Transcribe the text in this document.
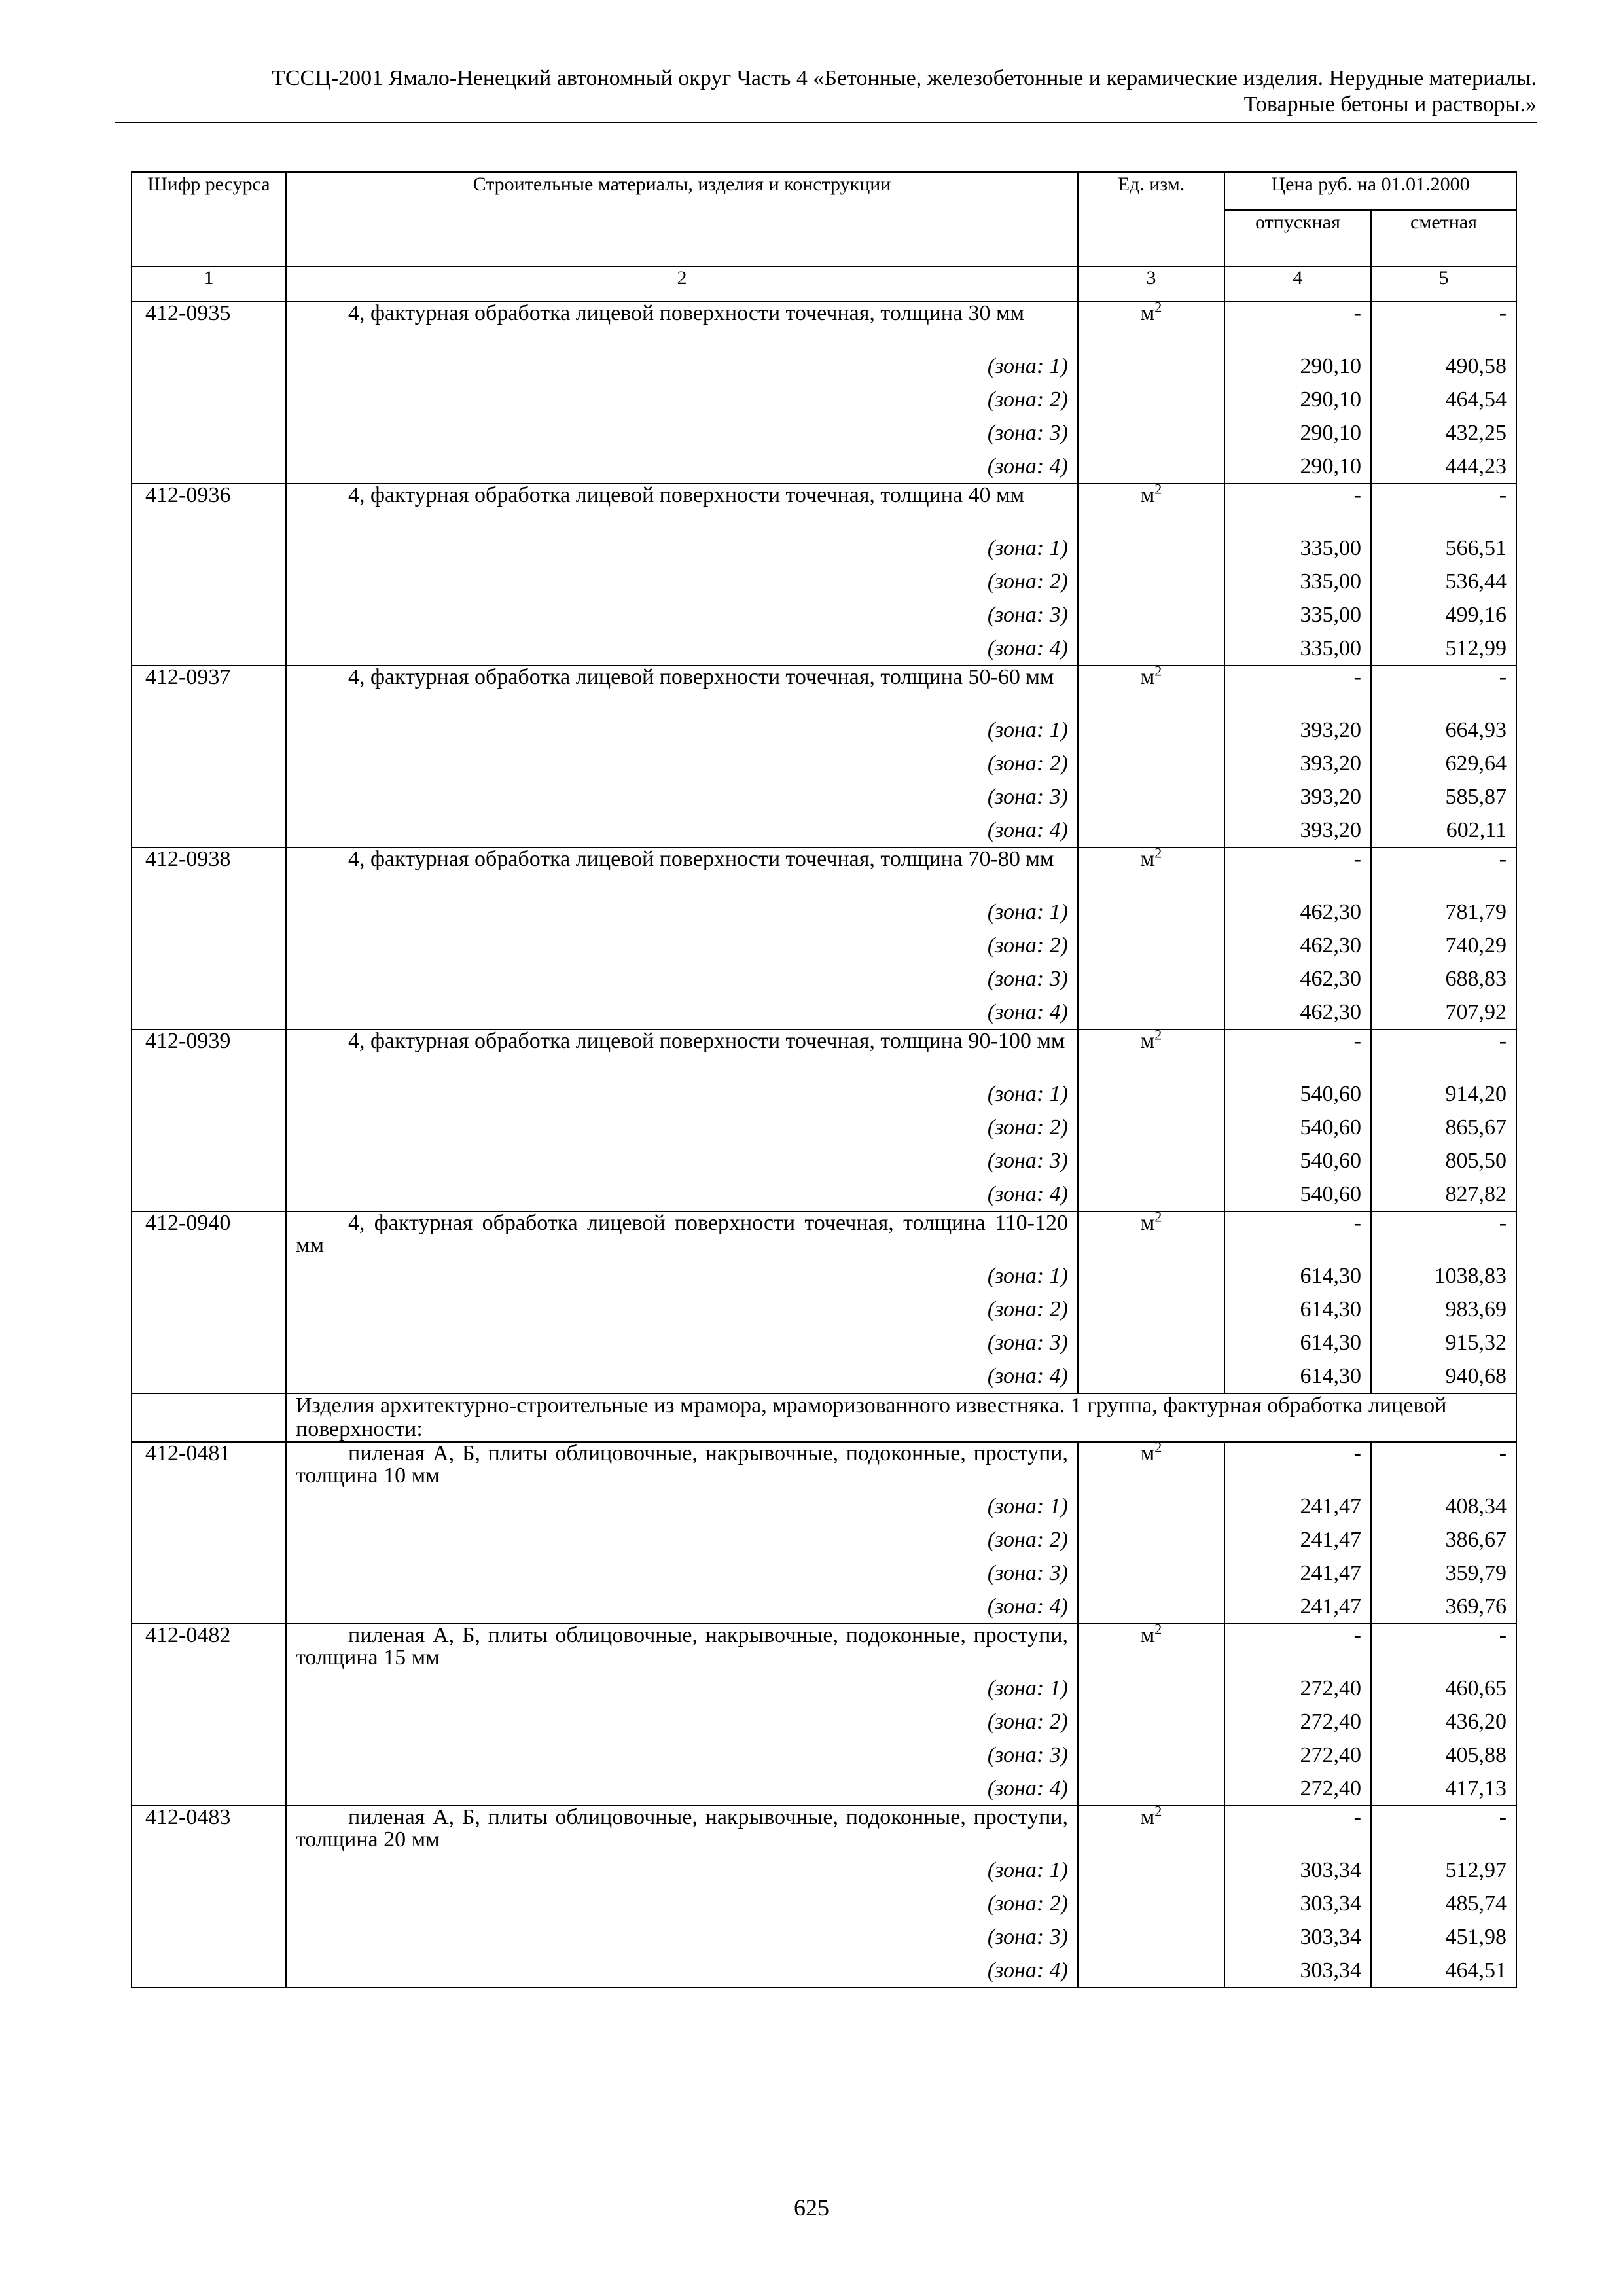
ТССЦ-2001 Ямало-Ненецкий автономный округ Часть 4 «Бетонные, железобетонные и керамические изделия. Нерудные материалы.
Товарные бетоны и растворы.»
Шифр ресурса	Строительные материалы, изделия и конструкции	Ед. изм.	Цена руб. на 01.01.2000	
			отпускная	сметная
1	2	3	4	5
412-0935	4, фактурная обработка лицевой поверхности точечная, толщина 30 мм	$м^2$	-	-
	(зона: 1)		290,10	490,58
	(зона: 2)		290,10	464,54
	(зона: 3)		290,10	432,25
	(зона: 4)		290,10	444,23
412-0936	4, фактурная обработка лицевой поверхности точечная, толщина 40 мм	$м^2$	-	-
	(зона: 1)		335,00	566,51
	(зона: 2)		335,00	536,44
	(зона: 3)		335,00	499,16
	(зона: 4)		335,00	512,99
412-0937	4, фактурная обработка лицевой поверхности точечная, толщина 50-60 мм	$м^2$	-	-
	(зона: 1)		393,20	664,93
	(зона: 2)		393,20	629,64
	(зона: 3)		393,20	585,87
	(зона: 4)		393,20	602,11
412-0938	4, фактурная обработка лицевой поверхности точечная, толщина 70-80 мм	$м^2$	-	-
	(зона: 1)		462,30	781,79
	(зона: 2)		462,30	740,29
	(зона: 3)		462,30	688,83
	(зона: 4)		462,30	707,92
412-0939	4, фактурная обработка лицевой поверхности точечная, толщина 90-100 мм	$м^2$	-	-
	(зона: 1)		540,60	914,20
	(зона: 2)		540,60	865,67
	(зона: 3)		540,60	805,50
	(зона: 4)		540,60	827,82
412-0940	4, фактурная обработка лицевой поверхности точечная, толщина 110-120 мм	$м^2$	-	-
	(зона: 1)		614,30	1038,83
	(зона: 2)		614,30	983,69
	(зона: 3)		614,30	915,32
	(зона: 4)		614,30	940,68
	Изделия архитектурно-строительные из мрамора, мраморизованного известняка. 1 группа, фактурная обработка лицевой поверхности:			
412-0481	пиленая А, Б, плиты облицовочные, накрывочные, подоконные, проступи, толщина 10 мм	$м^2$	-	-
	(зона: 1)		241,47	408,34
	(зона: 2)		241,47	386,67
	(зона: 3)		241,47	359,79
	(зона: 4)		241,47	369,76
412-0482	пиленая А, Б, плиты облицовочные, накрывочные, подоконные, проступи, толщина 15 мм	$м^2$	-	-
	(зона: 1)		272,40	460,65
	(зона: 2)		272,40	436,20
	(зона: 3)		272,40	405,88
	(зона: 4)		272,40	417,13
412-0483	пиленая А, Б, плиты облицовочные, накрывочные, подоконные, проступи, толщина 20 мм	$м^2$	-	-
	(зона: 1)		303,34	512,97
	(зона: 2)		303,34	485,74
	(зона: 3)		303,34	451,98
	(зона: 4)		303,34	464,51
625
